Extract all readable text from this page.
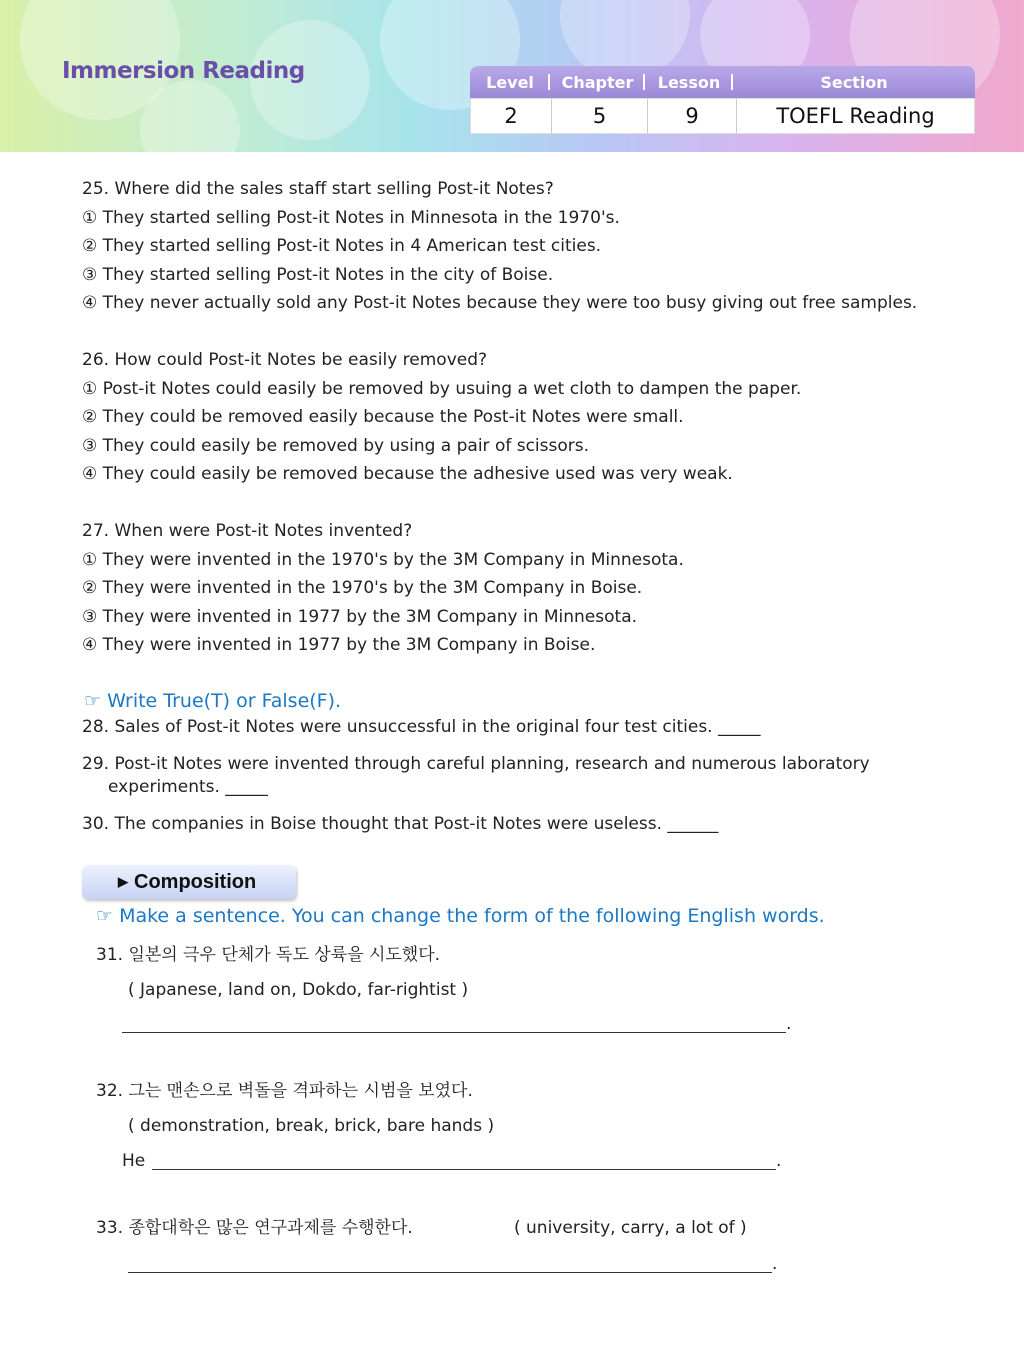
Immersion Reading	Level	Chapter	Lesson	Section
2	5	9	TOEFL Reading
25. Where did the sales staff start selling Post-it Notes?
① They started selling Post-it Notes in Minnesota in the 1970's.
② They started selling Post-it Notes in 4 American test cities.
③ They started selling Post-it Notes in the city of Boise.
④ They never actually sold any Post-it Notes because they were too busy giving out free samples.
26. How could Post-it Notes be easily removed?
① Post-it Notes could easily be removed by usuing a wet cloth to dampen the paper.
② They could be removed easily because the Post-it Notes were small.
③ They could easily be removed by using a pair of scissors.
④ They could easily be removed because the adhesive used was very weak.
27. When were Post-it Notes invented?
① They were invented in the 1970's by the 3M Company in Minnesota.
② They were invented in the 1970's by the 3M Company in Boise.
③ They were invented in 1977 by the 3M Company in Minnesota.
④ They were invented in 1977 by the 3M Company in Boise.
☞ Write True(T) or False(F).
28. Sales of Post-it Notes were unsuccessful in the original four test cities. _____
29. Post-it Notes were invented through careful planning, research and numerous laboratory
experiments. _____
30. The companies in Boise thought that Post-it Notes were useless. ______
▶ Composition
☞ Make a sentence. You can change the form of the following English words.
31. 일본의 극우 단체가 독도 상륙을 시도했다.
( Japanese, land on, Dokdo, far-rightist )
.
32. 그는 맨손으로 벽돌을 격파하는 시범을 보였다.
( demonstration, break, brick, bare hands )
He	.
33. 종합대학은 많은 연구과제를 수행한다.	( university, carry, a lot of )
.
